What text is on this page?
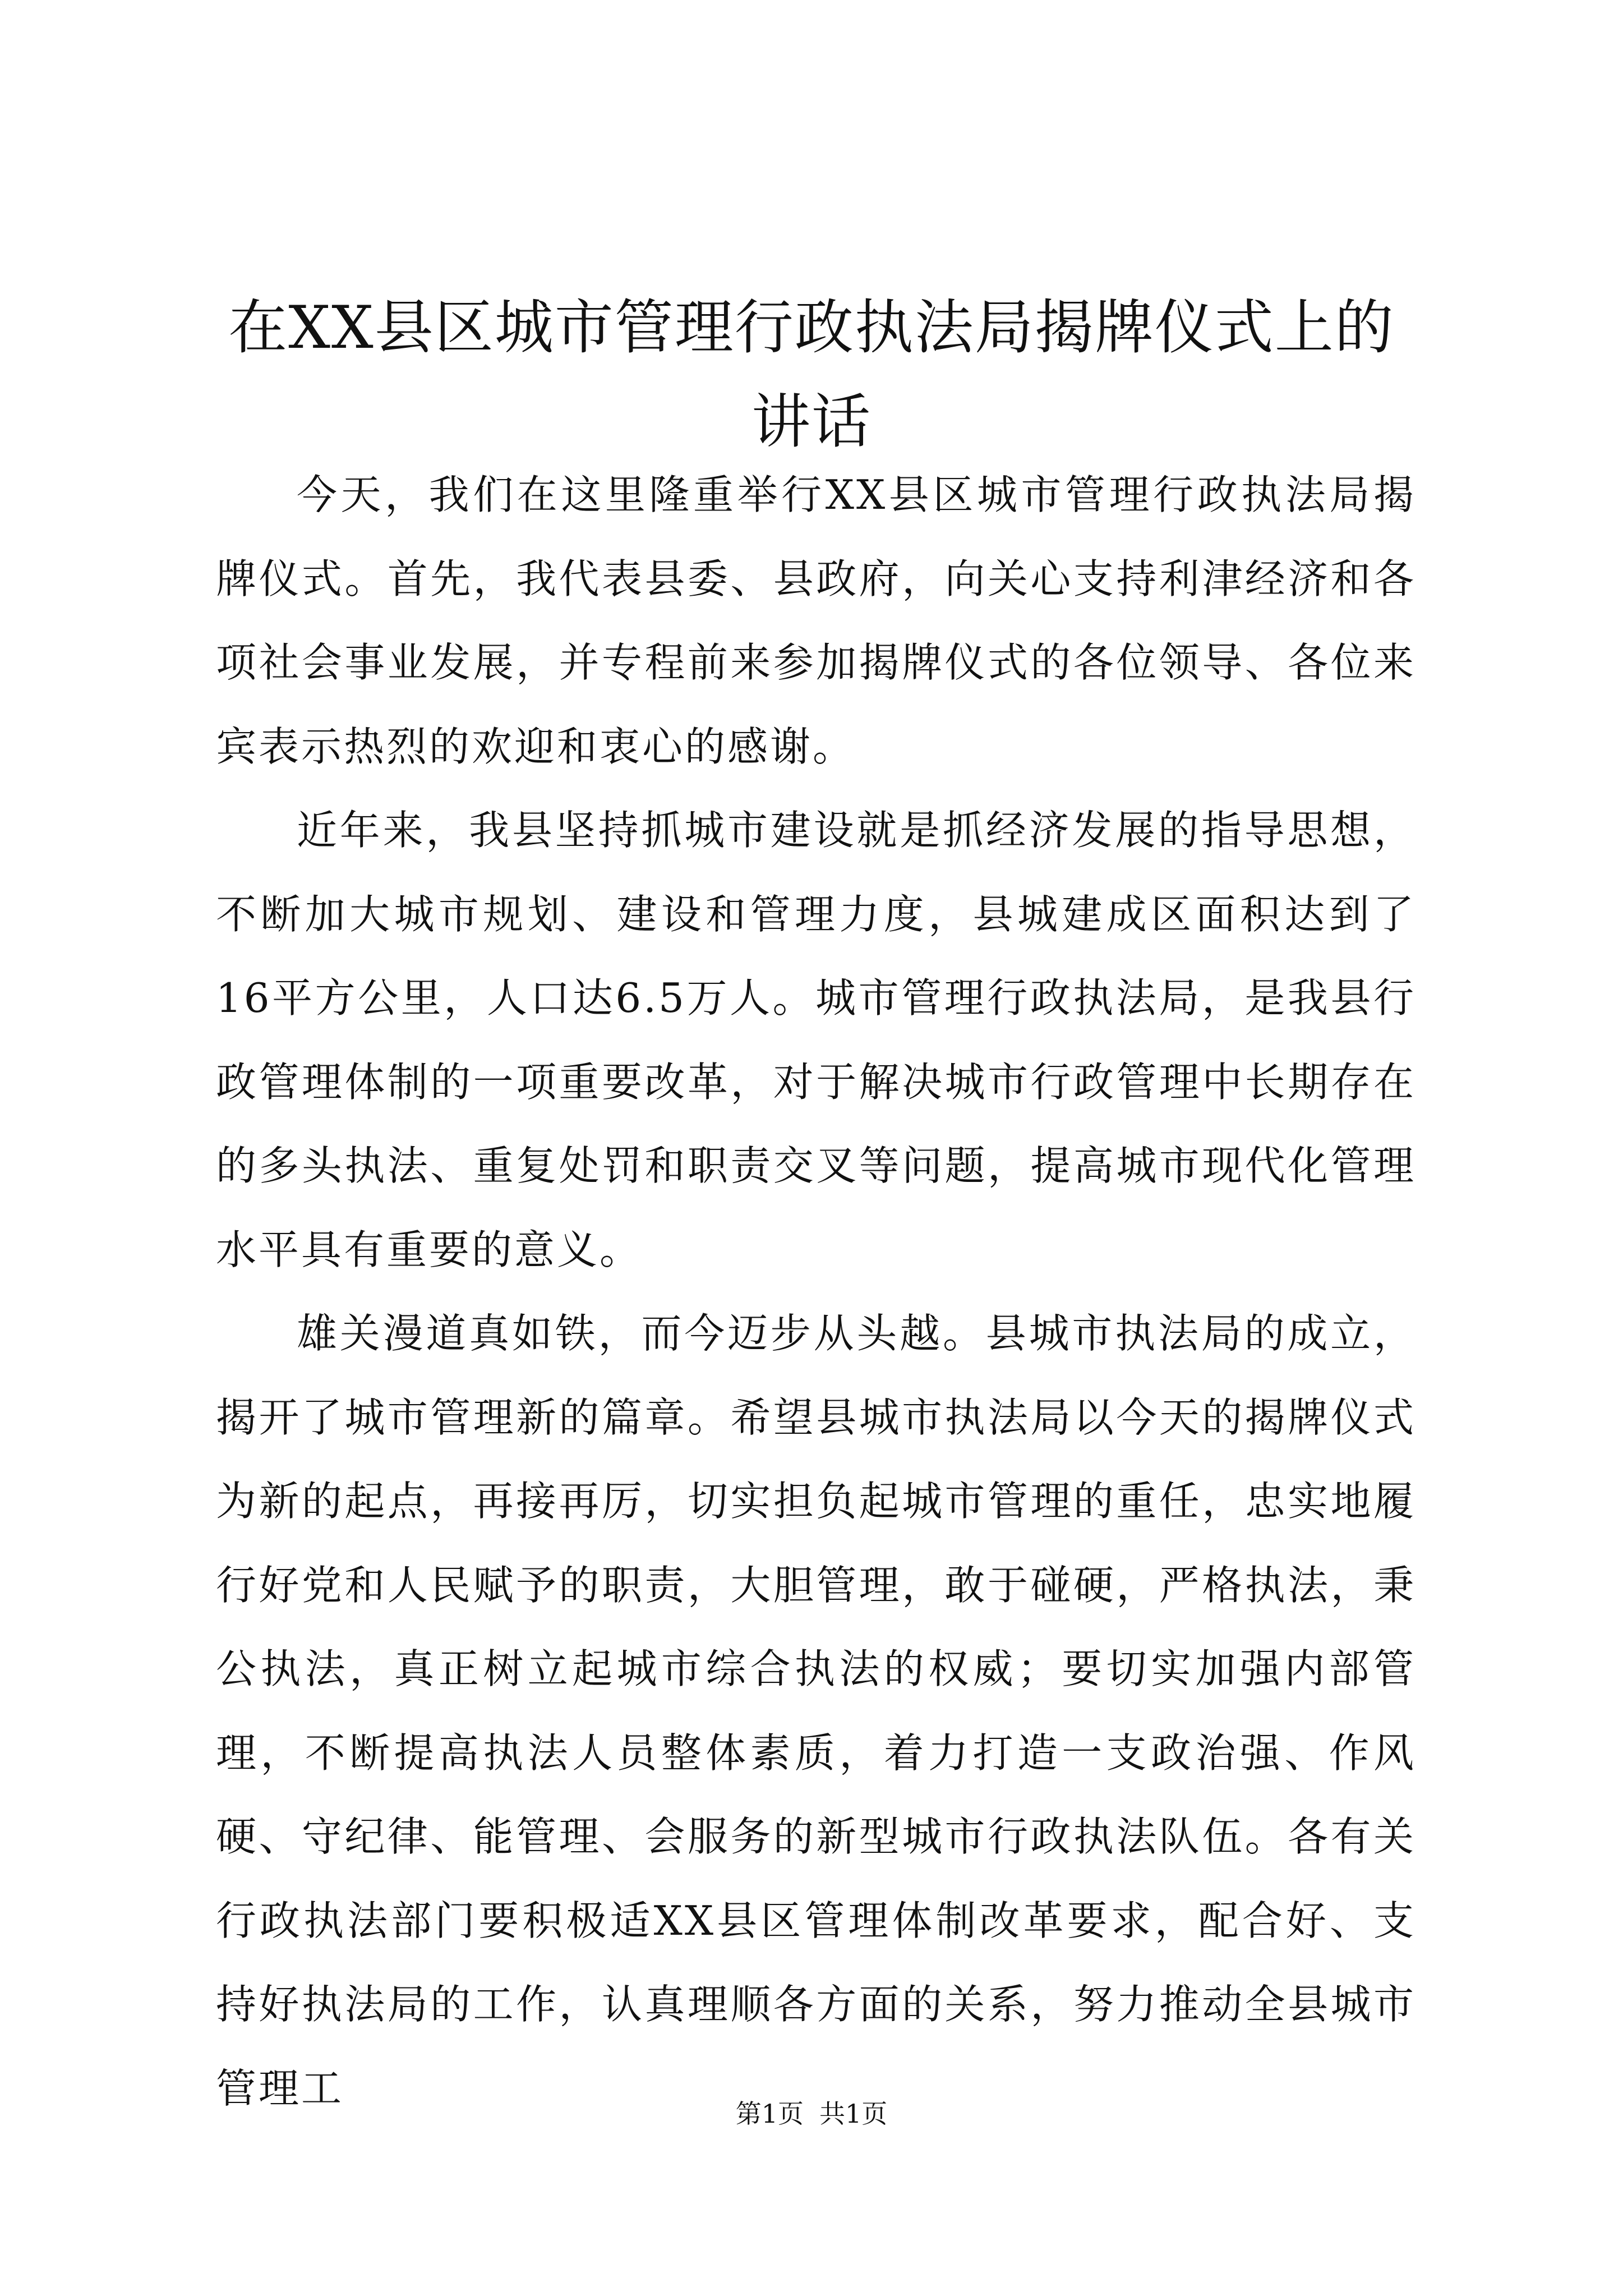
在XX县区城市管理行政执法局揭牌仪式上的
讲话

今天，我们在这里隆重举行XX县区城市管理行政执法局揭牌仪式。首先，我代表县委、县政府，向关心支持利津经济和各项社会事业发展，并专程前来参加揭牌仪式的各位领导、各位来宾表示热烈的欢迎和衷心的感谢。

近年来，我县坚持抓城市建设就是抓经济发展的指导思想，不断加大城市规划、建设和管理力度，县城建成区面积达到了16平方公里，人口达6.5万人。城市管理行政执法局，是我县行政管理体制的一项重要改革，对于解决城市行政管理中长期存在的多头执法、重复处罚和职责交叉等问题，提高城市现代化管理水平具有重要的意义。

雄关漫道真如铁，而今迈步从头越。县城市执法局的成立，揭开了城市管理新的篇章。希望县城市执法局以今天的揭牌仪式为新的起点，再接再厉，切实担负起城市管理的重任，忠实地履行好党和人民赋予的职责，大胆管理，敢于碰硬，严格执法，秉公执法，真正树立起城市综合执法的权威；要切实加强内部管理，不断提高执法人员整体素质，着力打造一支政治强、作风硬、守纪律、能管理、会服务的新型城市行政执法队伍。各有关行政执法部门要积极适XX县区管理体制改革要求，配合好、支持好执法局的工作，认真理顺各方面的关系，努力推动全县城市管理工

第1页 共1页
